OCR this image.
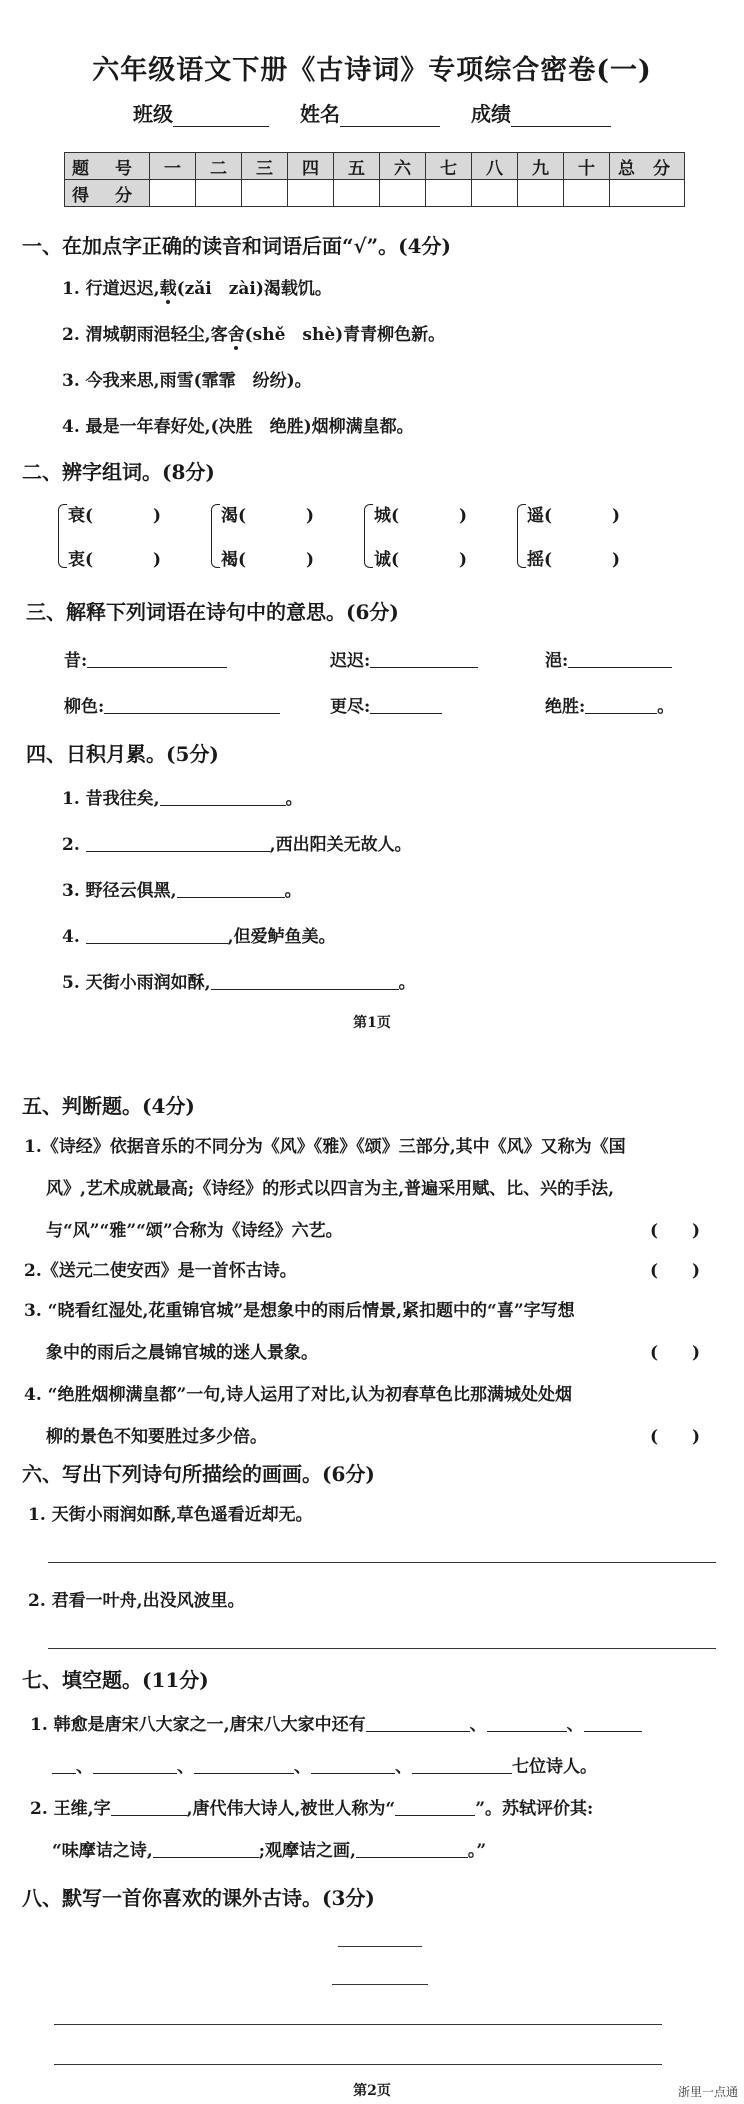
六年级语文下册《古诗词》专项综合密卷(一)
班级	姓名	成绩
题 号	一	二	三	四	五	六	七	八	九	十	总 分
得 分											
一、在加点字正确的读音和词语后面“√”。(4分)
1. 行道迟迟,载(zǎi　zài)渴载饥。
2. 渭城朝雨浥轻尘,客舍(shě　shè)青青柳色新。
3. 今我来思,雨雪(霏霏　纷纷)。
4. 最是一年春好处,(决胜　绝胜)烟柳满皇都。
二、辨字组词。(8分)
衰(	)
衷(	)
渴(	)
褐(	)
城(	)
诚(	)
遥(	)
摇(	)
三、解释下列词语在诗句中的意思。(6分)
昔:	迟迟:	浥:
柳色:	更尽:	绝胜:	。
四、日积月累。(5分)
1. 昔我往矣,	。
2.	,西出阳关无故人。
3. 野径云俱黑,	。
4.	,但爱鲈鱼美。
5. 天街小雨润如酥,	。
第1页
五、判断题。(4分)
1.《诗经》依据音乐的不同分为《风》《雅》《颂》三部分,其中《风》又称为《国
风》,艺术成就最高;《诗经》的形式以四言为主,普遍采用赋、比、兴的手法,
与“风”“雅”“颂”合称为《诗经》六艺。	(　　)
2.《送元二使安西》是一首怀古诗。	(　　)
3. “晓看红湿处,花重锦官城”是想象中的雨后情景,紧扣题中的“喜”字写想
象中的雨后之晨锦官城的迷人景象。	(　　)
4. “绝胜烟柳满皇都”一句,诗人运用了对比,认为初春草色比那满城处处烟
柳的景色不知要胜过多少倍。	(　　)
六、写出下列诗句所描绘的画画。(6分)
1. 天街小雨润如酥,草色遥看近却无。
2. 君看一叶舟,出没风波里。
七、填空题。(11分)
1. 韩愈是唐宋八大家之一,唐宋八大家中还有	、	、
、	、	、	、	七位诗人。
2. 王维,字	,唐代伟大诗人,被世人称为“	”。苏轼评价其:
“味摩诘之诗,	;观摩诘之画,	。”
八、默写一首你喜欢的课外古诗。(3分)
第2页	浙里一点通
